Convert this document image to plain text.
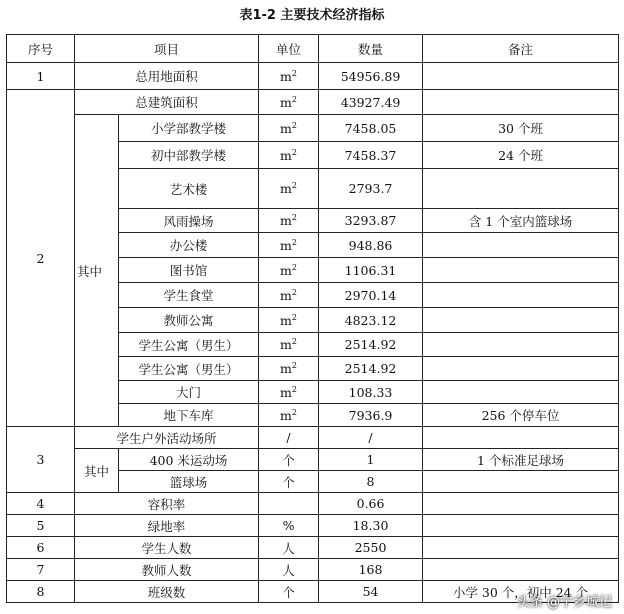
表1-2 主要技术经济指标
序号	项目		单位	数量	备注
1	总用地面积		$m^2$	54956.89	
2	总建筑面积		$m^2$	43927.49	
	其中	小学部教学楼	$m^2$	7458.05	30 个班
		初中部教学楼	$m^2$	7458.37	24 个班
		艺术楼	$m^2$	2793.7	
		风雨操场	$m^2$	3293.87	含 1 个室内篮球场
		办公楼	$m^2$	948.86	
		图书馆	$m^2$	1106.31	
		学生食堂	$m^2$	2970.14	
		教师公寓	$m^2$	4823.12	
		学生公寓（男生）	$m^2$	2514.92	
		学生公寓（男生）	$m^2$	2514.92	
		大门	$m^2$	108.33	
		地下车库	$m^2$	7936.9	256 个停车位
3	学生户外活动场所		/	/	
	其中	400 米运动场	个	1	1 个标准足球场
		篮球场	个	8	
4	容积率			0.66	
5	绿地率		%	18.30	
6	学生人数		人	2550	
7	教师人数		人	168	
8	班级数		个	54	小学 30 个，初中 24 个
头条 @宁乡城记
